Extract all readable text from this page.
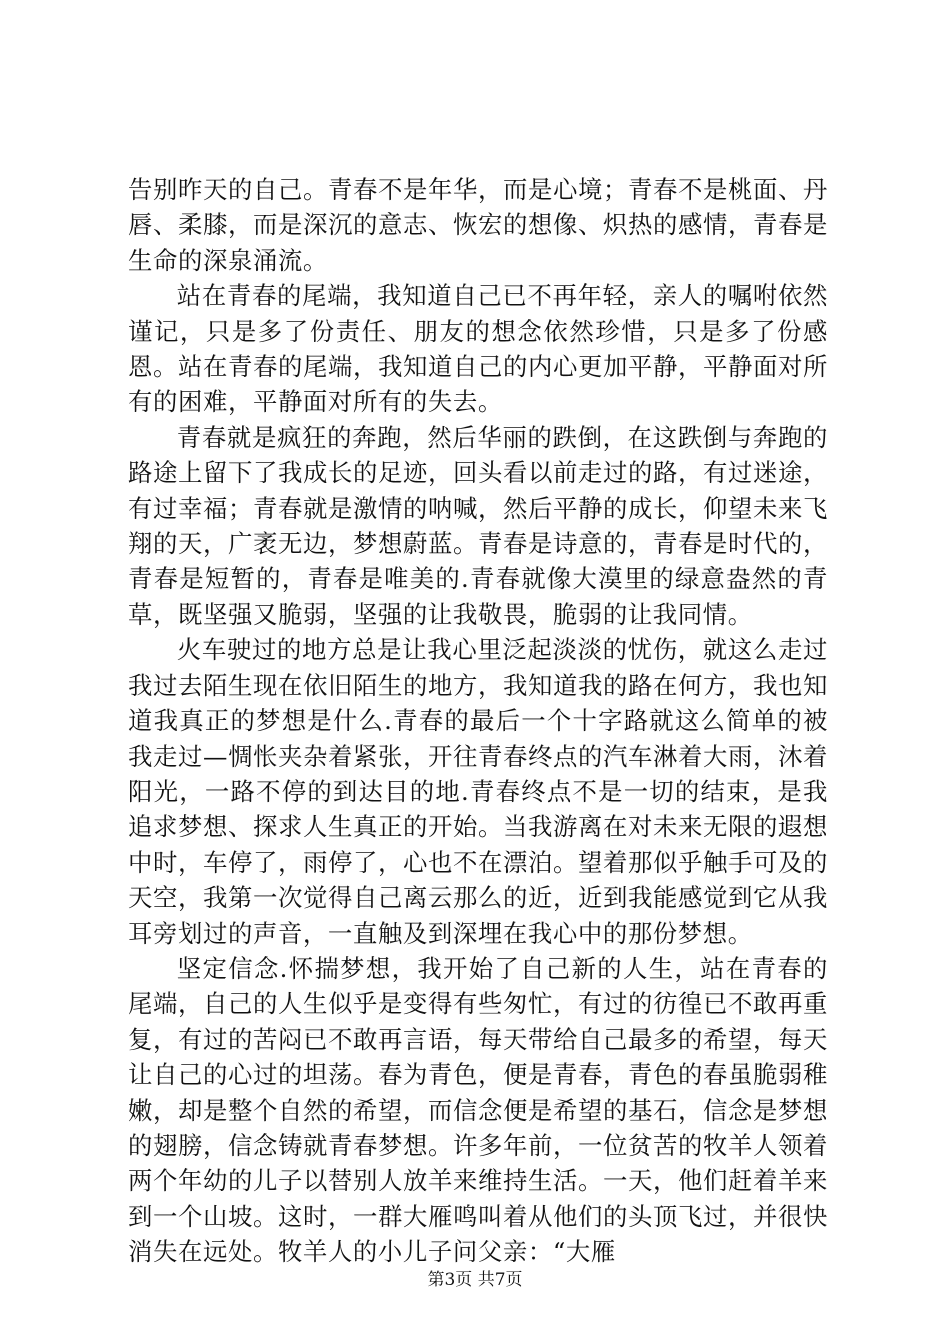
告别昨天的自己。青春不是年华，而是心境；青春不是桃面、丹唇、柔膝，而是深沉的意志、恢宏的想像、炽热的感情，青春是生命的深泉涌流。

站在青春的尾端，我知道自己已不再年轻，亲人的嘱咐依然谨记，只是多了份责任、朋友的想念依然珍惜，只是多了份感恩。站在青春的尾端，我知道自己的内心更加平静，平静面对所有的困难，平静面对所有的失去。

青春就是疯狂的奔跑，然后华丽的跌倒，在这跌倒与奔跑的路途上留下了我成长的足迹，回头看以前走过的路，有过迷途，有过幸福；青春就是激情的呐喊，然后平静的成长，仰望未来飞翔的天，广袤无边，梦想蔚蓝。青春是诗意的，青春是时代的，青春是短暂的，青春是唯美的.青春就像大漠里的绿意盎然的青草，既坚强又脆弱，坚强的让我敬畏，脆弱的让我同情。

火车驶过的地方总是让我心里泛起淡淡的忧伤，就这么走过我过去陌生现在依旧陌生的地方，我知道我的路在何方，我也知道我真正的梦想是什么.青春的最后一个十字路就这么简单的被我走过—惆怅夹杂着紧张，开往青春终点的汽车淋着大雨，沐着阳光，一路不停的到达目的地.青春终点不是一切的结束，是我追求梦想、探求人生真正的开始。当我游离在对未来无限的遐想中时，车停了，雨停了，心也不在漂泊。望着那似乎触手可及的天空，我第一次觉得自己离云那么的近，近到我能感觉到它从我耳旁划过的声音，一直触及到深埋在我心中的那份梦想。

坚定信念.怀揣梦想，我开始了自己新的人生，站在青春的尾端，自己的人生似乎是变得有些匆忙，有过的彷徨已不敢再重复，有过的苦闷已不敢再言语，每天带给自己最多的希望，每天让自己的心过的坦荡。春为青色，便是青春，青色的春虽脆弱稚嫩，却是整个自然的希望，而信念便是希望的基石，信念是梦想的翅膀，信念铸就青春梦想。许多年前，一位贫苦的牧羊人领着两个年幼的儿子以替别人放羊来维持生活。一天，他们赶着羊来到一个山坡。这时，一群大雁鸣叫着从他们的头顶飞过，并很快消失在远处。牧羊人的小儿子问父亲：“大雁

第3页 共7页
